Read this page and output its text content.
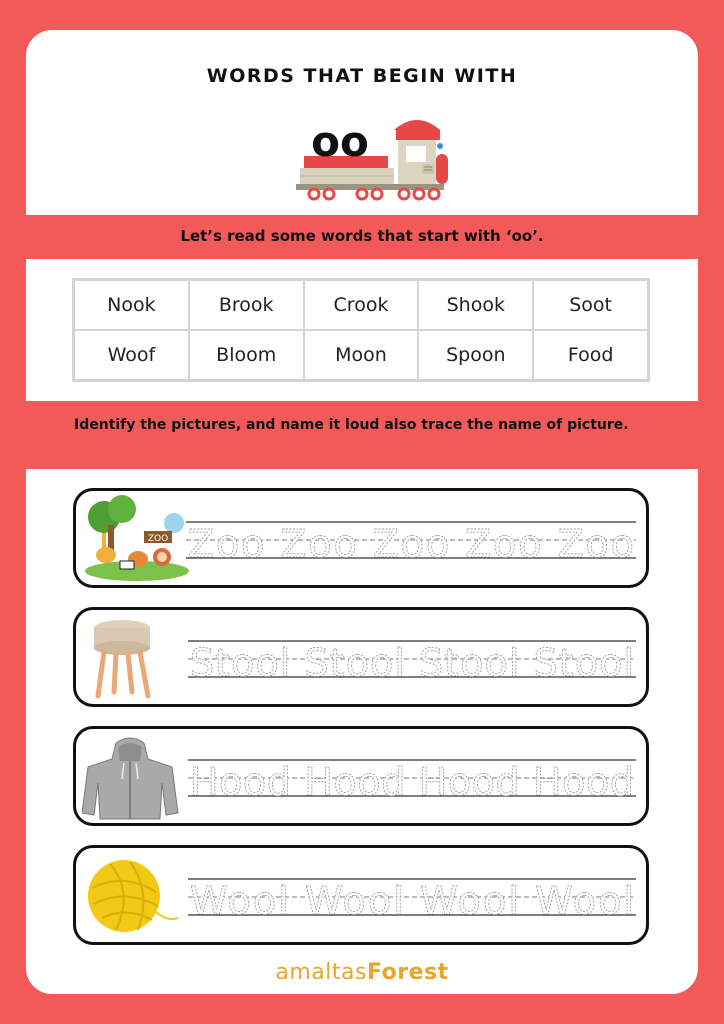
WORDS THAT BEGIN WITH
oo
Let’s read some words that start with ‘oo’.
Nook	Brook	Crook	Shook	Soot
Woof	Bloom	Moon	Spoon	Food
Identify the pictures, and name it loud also trace the name of picture.
ZOO Zoo Zoo Zoo Zoo Zoo
Stool Stool Stool Stool
Hood Hood Hood Hood
Wool Wool Wool Wool
amaltasForest
